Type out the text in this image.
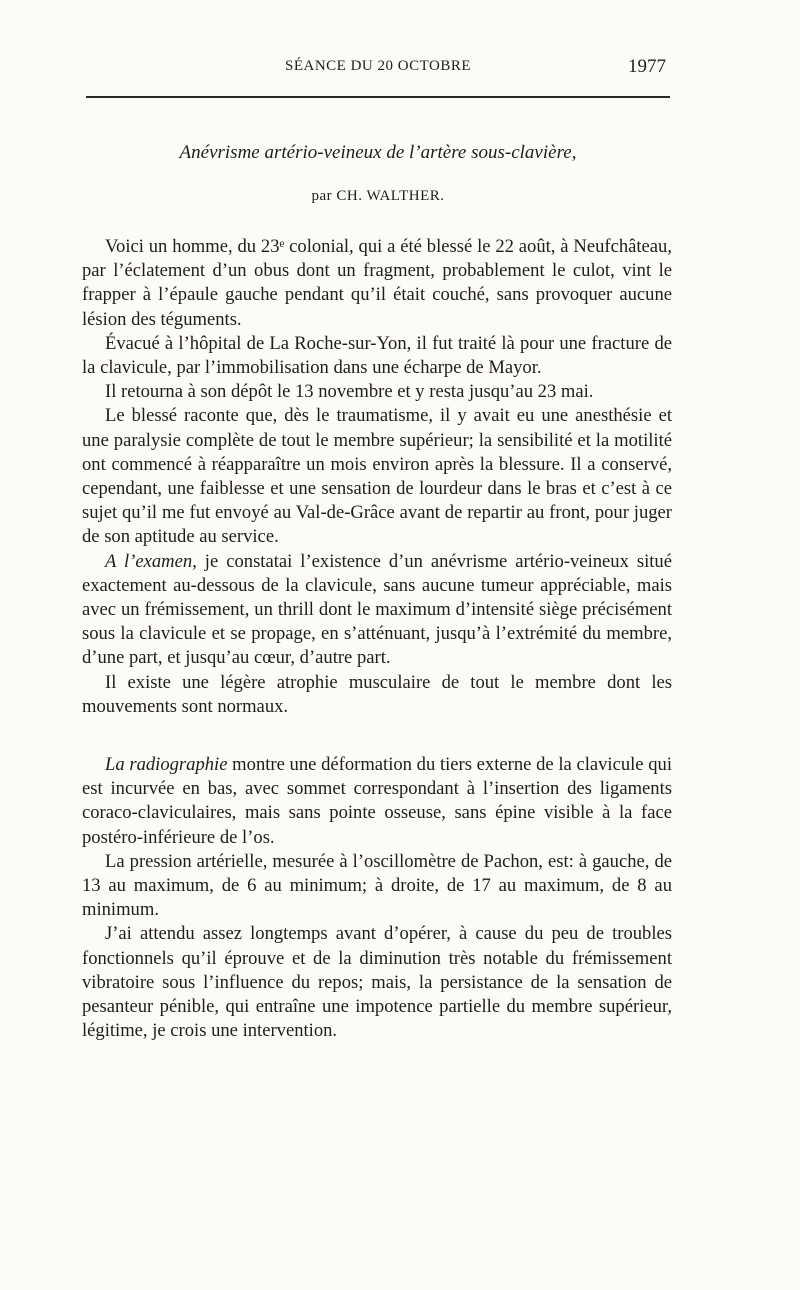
SÉANCE DU 20 OCTOBRE	1977
Anévrisme artério-veineux de l’artère sous-clavière,
par CH. WALTHER.

Voici un homme, du 23ᵉ colonial, qui a été blessé le 22 août, à Neufchâteau, par l’éclatement d’un obus dont un fragment, probablement le culot, vint le frapper à l’épaule gauche pendant qu’il était couché, sans provoquer aucune lésion des téguments.

Évacué à l’hôpital de La Roche-sur-Yon, il fut traité là pour une fracture de la clavicule, par l’immobilisation dans une écharpe de Mayor.

Il retourna à son dépôt le 13 novembre et y resta jusqu’au 23 mai.

Le blessé raconte que, dès le traumatisme, il y avait eu une anesthésie et une paralysie complète de tout le membre supérieur; la sensibilité et la motilité ont commencé à réapparaître un mois environ après la blessure. Il a conservé, cependant, une faiblesse et une sensation de lourdeur dans le bras et c’est à ce sujet qu’il me fut envoyé au Val-de-Grâce avant de repartir au front, pour juger de son aptitude au service.

A l’examen, je constatai l’existence d’un anévrisme artério-veineux situé exactement au-dessous de la clavicule, sans aucune tumeur appréciable, mais avec un frémissement, un thrill dont le maximum d’intensité siège précisément sous la clavicule et se propage, en s’atténuant, jusqu’à l’extrémité du membre, d’une part, et jusqu’au cœur, d’autre part.

Il existe une légère atrophie musculaire de tout le membre dont les mouvements sont normaux.

La radiographie montre une déformation du tiers externe de la clavicule qui est incurvée en bas, avec sommet correspondant à l’insertion des ligaments coraco-claviculaires, mais sans pointe osseuse, sans épine visible à la face postéro-inférieure de l’os.

La pression artérielle, mesurée à l’oscillomètre de Pachon, est: à gauche, de 13 au maximum, de 6 au minimum; à droite, de 17 au maximum, de 8 au minimum.

J’ai attendu assez longtemps avant d’opérer, à cause du peu de troubles fonctionnels qu’il éprouve et de la diminution très notable du frémissement vibratoire sous l’influence du repos; mais, la persistance de la sensation de pesanteur pénible, qui entraîne une impotence partielle du membre supérieur, légitime, je crois une intervention.
